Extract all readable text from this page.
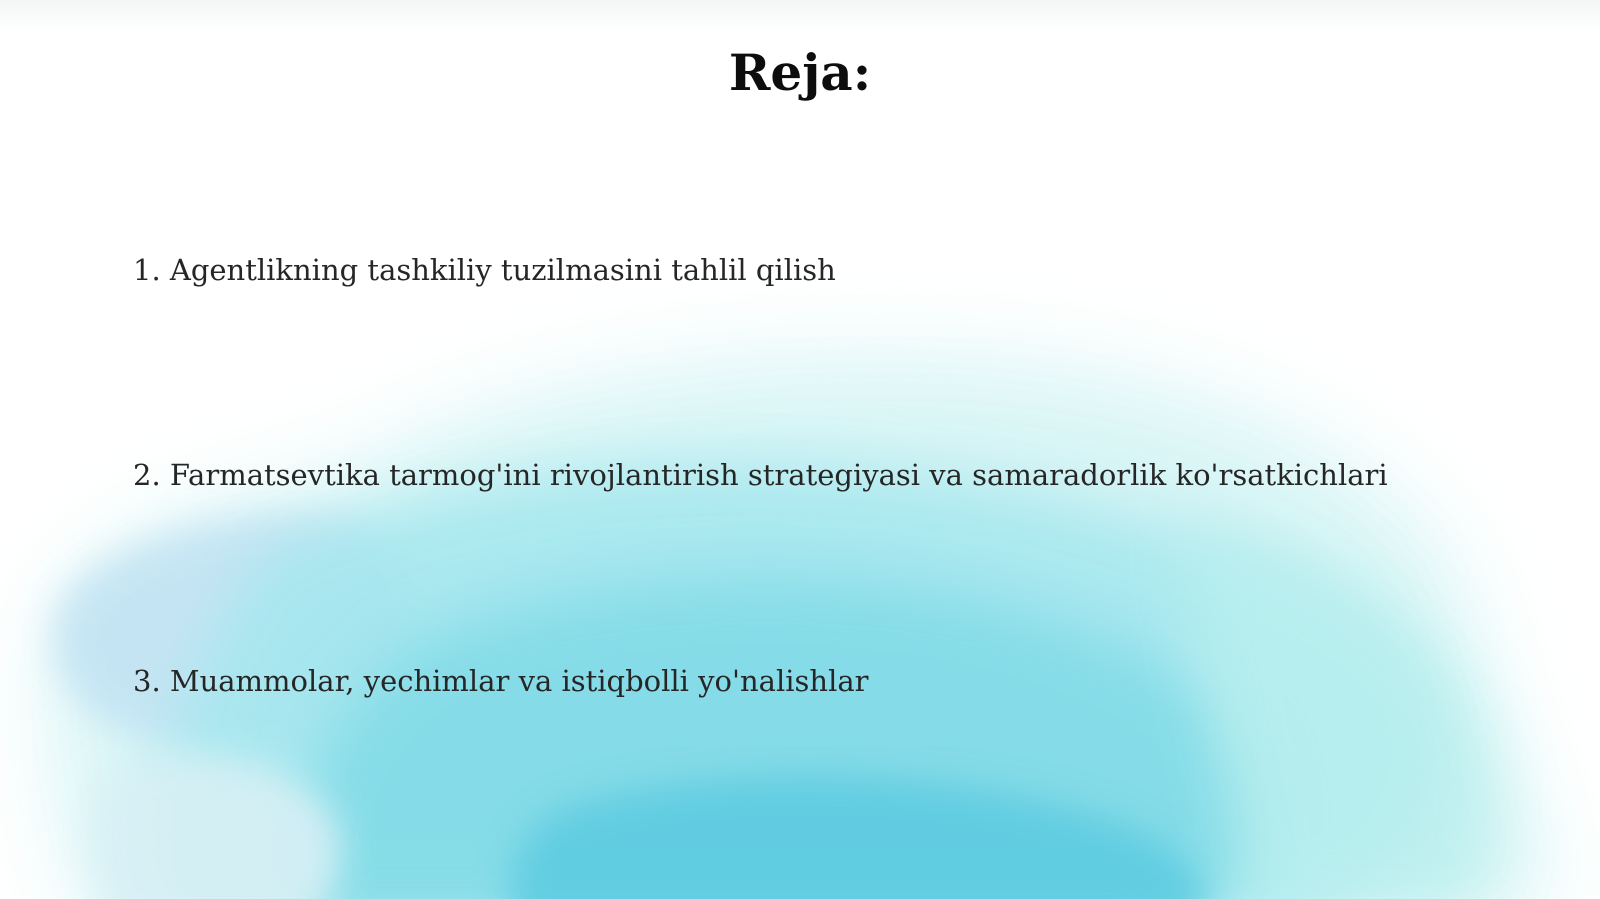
Reja:
1. Agentlikning tashkiliy tuzilmasini tahlil qilish
2. Farmatsevtika tarmog'ini rivojlantirish strategiyasi va samaradorlik ko'rsatkichlari
3. Muammolar, yechimlar va istiqbolli yo'nalishlar
